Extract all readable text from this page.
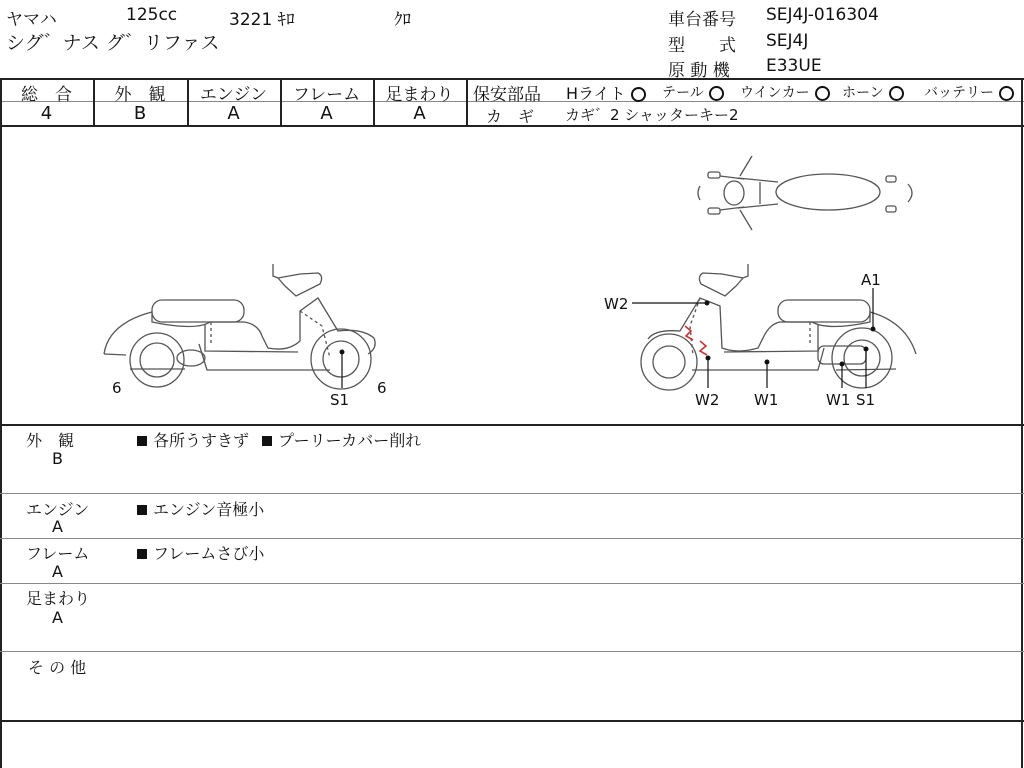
ヤマハ	125cc	3221 ｷﾛ	ｸﾛ
シグ゛ナス グ゛リファス
車台番号 SEJ4J-016304
型　　式 SEJ4J
原 動 機 E33UE
総　合	外　観	エンジン	フレーム	足まわり
4	B	A	A	A
保安部品 Hライト	テール	ウインカー	ホーン	バッテリー
カ　ギ カギ゛2 シャッターキー2
6
S1
6
W2
A1
W2 W1	W1 S1
外　観
B
各所うすきず プーリーカバー削れ
エンジン
A
エンジン音極小
フレーム
A
フレームさび小
足まわり
A
そ の 他
